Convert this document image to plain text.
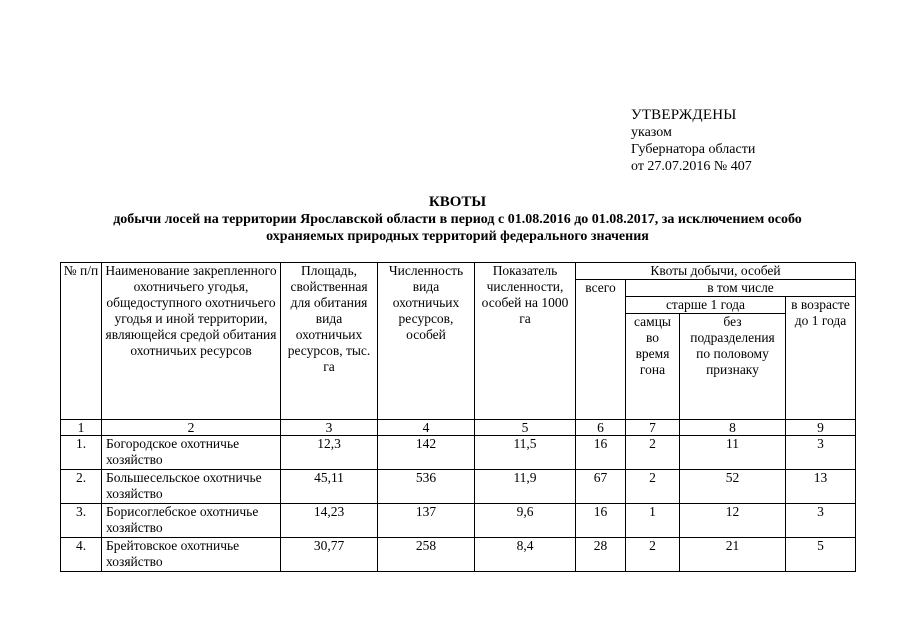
УТВЕРЖДЕНЫ
указом
Губернатора области
от 27.07.2016 № 407
КВОТЫ
добычи лосей на территории Ярославской области в период с 01.08.2016 до 01.08.2017, за исключением особо
охраняемых природных территорий федерального значения
№ п/п	Наименование закрепленного охотничьего угодья, общедоступного охотничьего угодья и иной территории, являющейся средой обитания охотничьих ресурсов	Площадь, свойственная для обитания вида охотничьих ресурсов, тыс. га	Численность вида охотничьих ресурсов, особей	Показатель численности, особей на 1000 га	Квоты добычи, особей			
					всего	в том числе		
						старше 1 года		в возрасте до 1 года
						самцы во время гона	без подразделения по половому признаку	
1	2	3	4	5	6	7	8	9
1.	Богородское охотничье хозяйство	12,3	142	11,5	16	2	11	3
2.	Большесельское охотничье хозяйство	45,11	536	11,9	67	2	52	13
3.	Борисоглебское охотничье хозяйство	14,23	137	9,6	16	1	12	3
4.	Брейтовское охотничье хозяйство	30,77	258	8,4	28	2	21	5
